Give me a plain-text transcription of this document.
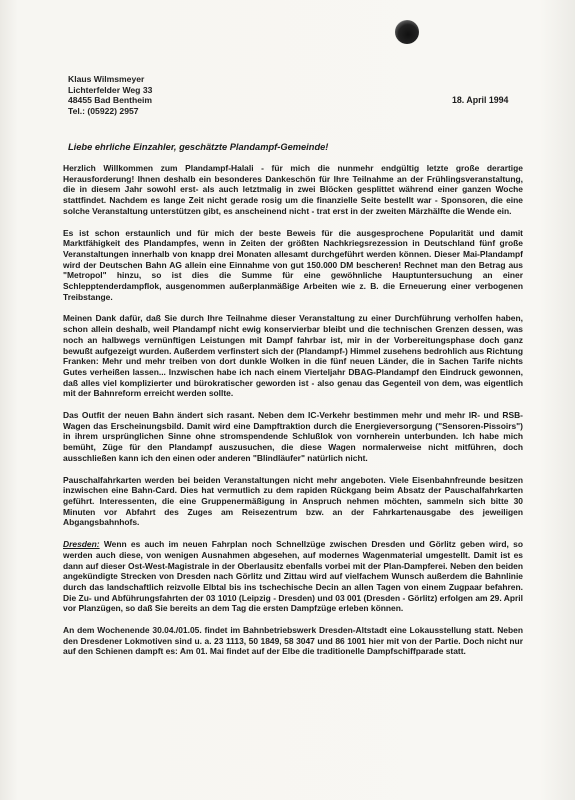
Klaus Wilmsmeyer
Lichterfelder Weg 33
48455 Bad Bentheim
Tel.: (05922) 2957
18. April 1994
Liebe ehrliche Einzahler, geschätzte Plandampf-Gemeinde!

Herzlich Willkommen zum Plandampf-Halali - für mich die nunmehr endgültig letzte große derartige Herausforderung! Ihnen deshalb ein besonderes Dankeschön für Ihre Teilnahme an der Frühlingsveranstaltung, die in diesem Jahr sowohl erst- als auch letztmalig in zwei Blöcken gesplittet während einer ganzen Woche stattfindet. Nachdem es lange Zeit nicht gerade rosig um die finanzielle Seite bestellt war - Sponsoren, die eine solche Veranstaltung unterstützen gibt, es anscheinend nicht - trat erst in der zweiten Märzhälfte die Wende ein.

Es ist schon erstaunlich und für mich der beste Beweis für die ausgesprochene Popularität und damit Marktfähigkeit des Plandampfes, wenn in Zeiten der größten Nachkriegsrezession in Deutschland fünf große Veranstaltungen innerhalb von knapp drei Monaten allesamt durchgeführt werden können. Dieser Mai-Plandampf wird der Deutschen Bahn AG allein eine Einnahme von gut 150.000 DM bescheren! Rechnet man den Betrag aus "Metropol" hinzu, so ist dies die Summe für eine gewöhnliche Hauptuntersuchung an einer Schlepptenderdampflok, ausgenommen außerplanmäßige Arbeiten wie z. B. die Erneuerung einer verbogenen Treibstange.

Meinen Dank dafür, daß Sie durch Ihre Teilnahme dieser Veranstaltung zu einer Durchführung verholfen haben, schon allein deshalb, weil Plandampf nicht ewig konservierbar bleibt und die technischen Grenzen dessen, was noch an halbwegs vernünftigen Leistungen mit Dampf fahrbar ist, mir in der Vorbereitungsphase doch ganz bewußt aufgezeigt wurden. Außerdem verfinstert sich der (Plandampf-) Himmel zusehens bedrohlich aus Richtung Franken: Mehr und mehr treiben von dort dunkle Wolken in die fünf neuen Länder, die in Sachen Tarife nichts Gutes verheißen lassen... Inzwischen habe ich nach einem Vierteljahr DBAG-Plandampf den Eindruck gewonnen, daß alles viel komplizierter und bürokratischer geworden ist - also genau das Gegenteil von dem, was eigentlich mit der Bahnreform erreicht werden sollte.

Das Outfit der neuen Bahn ändert sich rasant. Neben dem IC-Verkehr bestimmen mehr und mehr IR- und RSB-Wagen das Erscheinungsbild. Damit wird eine Dampftraktion durch die Energieversorgung ("Sensoren-Pissoirs") in ihrem ursprünglichen Sinne ohne stromspendende Schlußlok von vornherein unterbunden. Ich habe mich bemüht, Züge für den Plandampf auszusuchen, die diese Wagen normalerweise nicht mitführen, doch ausschließen kann ich den einen oder anderen "Blindläufer" natürlich nicht.

Pauschalfahrkarten werden bei beiden Veranstaltungen nicht mehr angeboten. Viele Eisenbahnfreunde besitzen inzwischen eine Bahn-Card. Dies hat vermutlich zu dem rapiden Rückgang beim Absatz der Pauschalfahrkarten geführt. Interessenten, die eine Gruppenermäßigung in Anspruch nehmen möchten, sammeln sich bitte 30 Minuten vor Abfahrt des Zuges am Reisezentrum bzw. an der Fahrkartenausgabe des jeweiligen Abgangsbahnhofs.

Dresden: Wenn es auch im neuen Fahrplan noch Schnellzüge zwischen Dresden und Görlitz geben wird, so werden auch diese, von wenigen Ausnahmen abgesehen, auf modernes Wagenmaterial umgestellt. Damit ist es dann auf dieser Ost-West-Magistrale in der Oberlausitz ebenfalls vorbei mit der Plan-Dampferei. Neben den beiden angekündigte Strecken von Dresden nach Görlitz und Zittau wird auf vielfachem Wunsch außerdem die Bahnlinie durch das landschaftlich reizvolle Elbtal bis ins tschechische Decin an allen Tagen von einem Zugpaar befahren. Die Zu- und Abführungsfahrten der 03 1010 (Leipzig - Dresden) und 03 001 (Dresden - Görlitz) erfolgen am 29. April vor Planzügen, so daß Sie bereits an dem Tag die ersten Dampfzüge erleben können.

An dem Wochenende 30.04./01.05. findet im Bahnbetriebswerk Dresden-Altstadt eine Lokausstellung statt. Neben den Dresdener Lokmotiven sind u. a. 23 1113, 50 1849, 58 3047 und 86 1001 hier mit von der Partie. Doch nicht nur auf den Schienen dampft es: Am 01. Mai findet auf der Elbe die traditionelle Dampfschiffparade statt.
